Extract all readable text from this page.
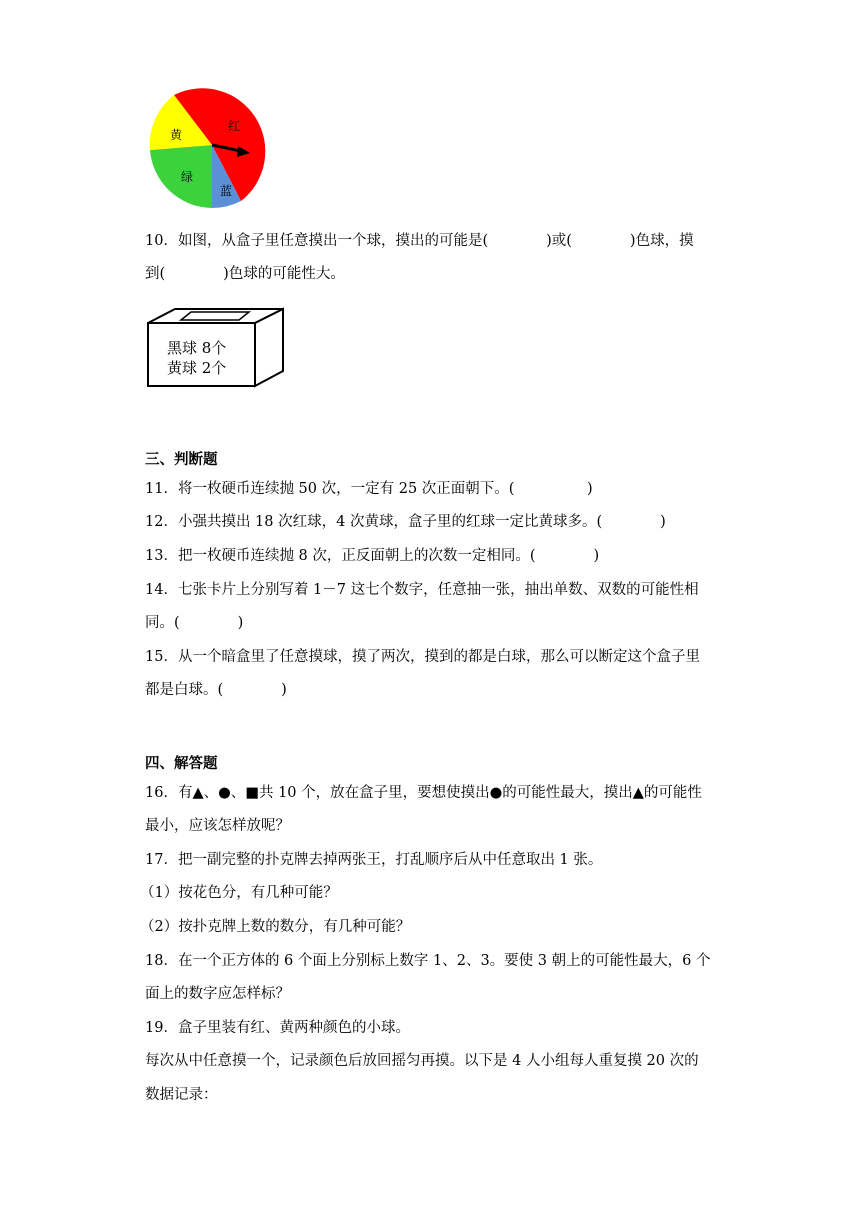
红
黄
绿
蓝
10．如图，从盒子里任意摸出一个球，摸出的可能是(　　　　)或(　　　　)色球，摸
到(　　　　)色球的可能性大。
黑球 8个
黄球 2个
三、判断题
11．将一枚硬币连续抛 50 次，一定有 25 次正面朝下。(　　　　　)
12．小强共摸出 18 次红球，4 次黄球，盒子里的红球一定比黄球多。(　　　　)
13．把一枚硬币连续抛 8 次，正反面朝上的次数一定相同。(　　　　)
14．七张卡片上分别写着 1－7 这七个数字，任意抽一张，抽出单数、双数的可能性相
同。(　　　　)
15．从一个暗盒里了任意摸球，摸了两次，摸到的都是白球，那么可以断定这个盒子里
都是白球。(　　　　)
四、解答题
16．有▲、●、■共 10 个，放在盒子里，要想使摸出●的可能性最大，摸出▲的可能性
最小，应该怎样放呢？
17．把一副完整的扑克牌去掉两张王，打乱顺序后从中任意取出 1 张。
（1）按花色分，有几种可能？
（2）按扑克牌上数的数分，有几种可能？
18．在一个正方体的 6 个面上分别标上数字 1、2、3。要使 3 朝上的可能性最大，6 个
面上的数字应怎样标？
19．盒子里装有红、黄两种颜色的小球。
每次从中任意摸一个，记录颜色后放回摇匀再摸。以下是 4 人小组每人重复摸 20 次的
数据记录：
